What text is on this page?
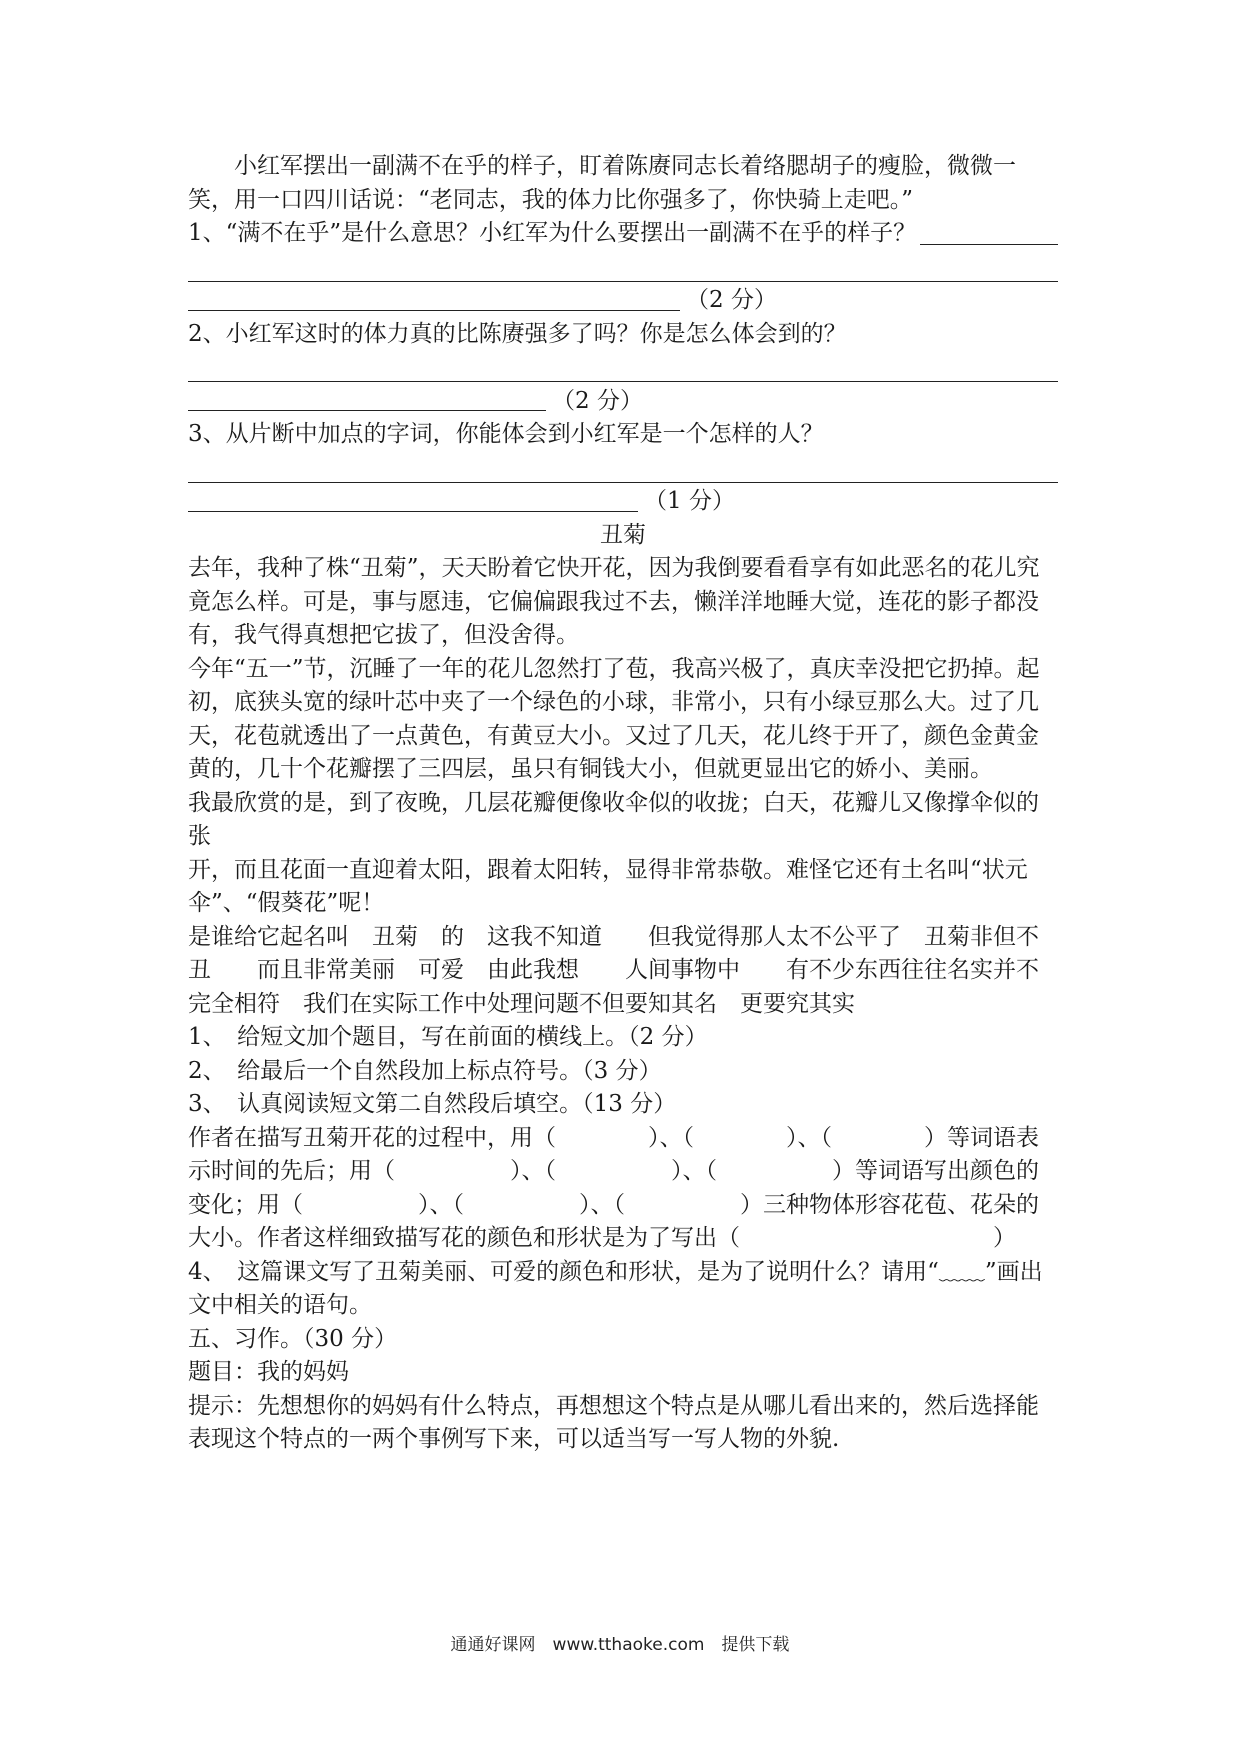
小红军摆出一副满不在乎的样子，盯着陈赓同志长着络腮胡子的瘦脸，微微一笑，用一口四川话说：“老同志，我的体力比你强多了，你快骑上走吧。”

1、“满不在乎”是什么意思？小红军为什么要摆出一副满不在乎的样子？
（2 分）

2、小红军这时的体力真的比陈赓强多了吗？你是怎么体会到的？

（2 分）

3、从片断中加点的字词，你能体会到小红军是一个怎样的人？

（1 分）

丑菊

去年，我种了株“丑菊”，天天盼着它快开花，因为我倒要看看享有如此恶名的花儿究竟怎么样。可是，事与愿违，它偏偏跟我过不去，懒洋洋地睡大觉，连花的影子都没有，我气得真想把它拔了，但没舍得。

今年“五一”节，沉睡了一年的花儿忽然打了苞，我高兴极了，真庆幸没把它扔掉。起初，底狭头宽的绿叶芯中夹了一个绿色的小球，非常小，只有小绿豆那么大。过了几天，花苞就透出了一点黄色，有黄豆大小。又过了几天，花儿终于开了，颜色金黄金黄的，几十个花瓣摆了三四层，虽只有铜钱大小，但就更显出它的娇小、美丽。

我最欣赏的是，到了夜晚，几层花瓣便像收伞似的收拢；白天，花瓣儿又像撑伞似的张

开，而且花面一直迎着太阳，跟着太阳转，显得非常恭敬。难怪它还有土名叫“状元伞”、“假葵花”呢！

是谁给它起名叫　丑菊　的　这我不知道　　但我觉得那人太不公平了　丑菊非但不丑　　而且非常美丽　可爱　由此我想　　人间事物中　　有不少东西往往名实并不完全相符　我们在实际工作中处理问题不但要知其名　更要究其实

1、　给短文加个题目，写在前面的横线上。（2 分）

2、　给最后一个自然段加上标点符号。（3 分）

3、　认真阅读短文第二自然段后填空。（13 分）

作者在描写丑菊开花的过程中，用（　　　　）、（　　　　）、（　　　　）等词语表示时间的先后；用（　　　　　）、（　　　　　）、（　　　　　）等词语写出颜色的变化；用（　　　　　）、（　　　　　）、（　　　　　）三种物体形容花苞、花朵的大小。作者这样细致描写花的颜色和形状是为了写出（　　　　　　　　　　　）

4、　这篇课文写了丑菊美丽、可爱的颜色和形状，是为了说明什么？请用“﹏﹏”画出文中相关的语句。

五、习作。（30 分）

题目：我的妈妈

提示：先想想你的妈妈有什么特点，再想想这个特点是从哪儿看出来的，然后选择能表现这个特点的一两个事例写下来，可以适当写一写人物的外貌.

通通好课网　www.tthaoke.com　提供下载
